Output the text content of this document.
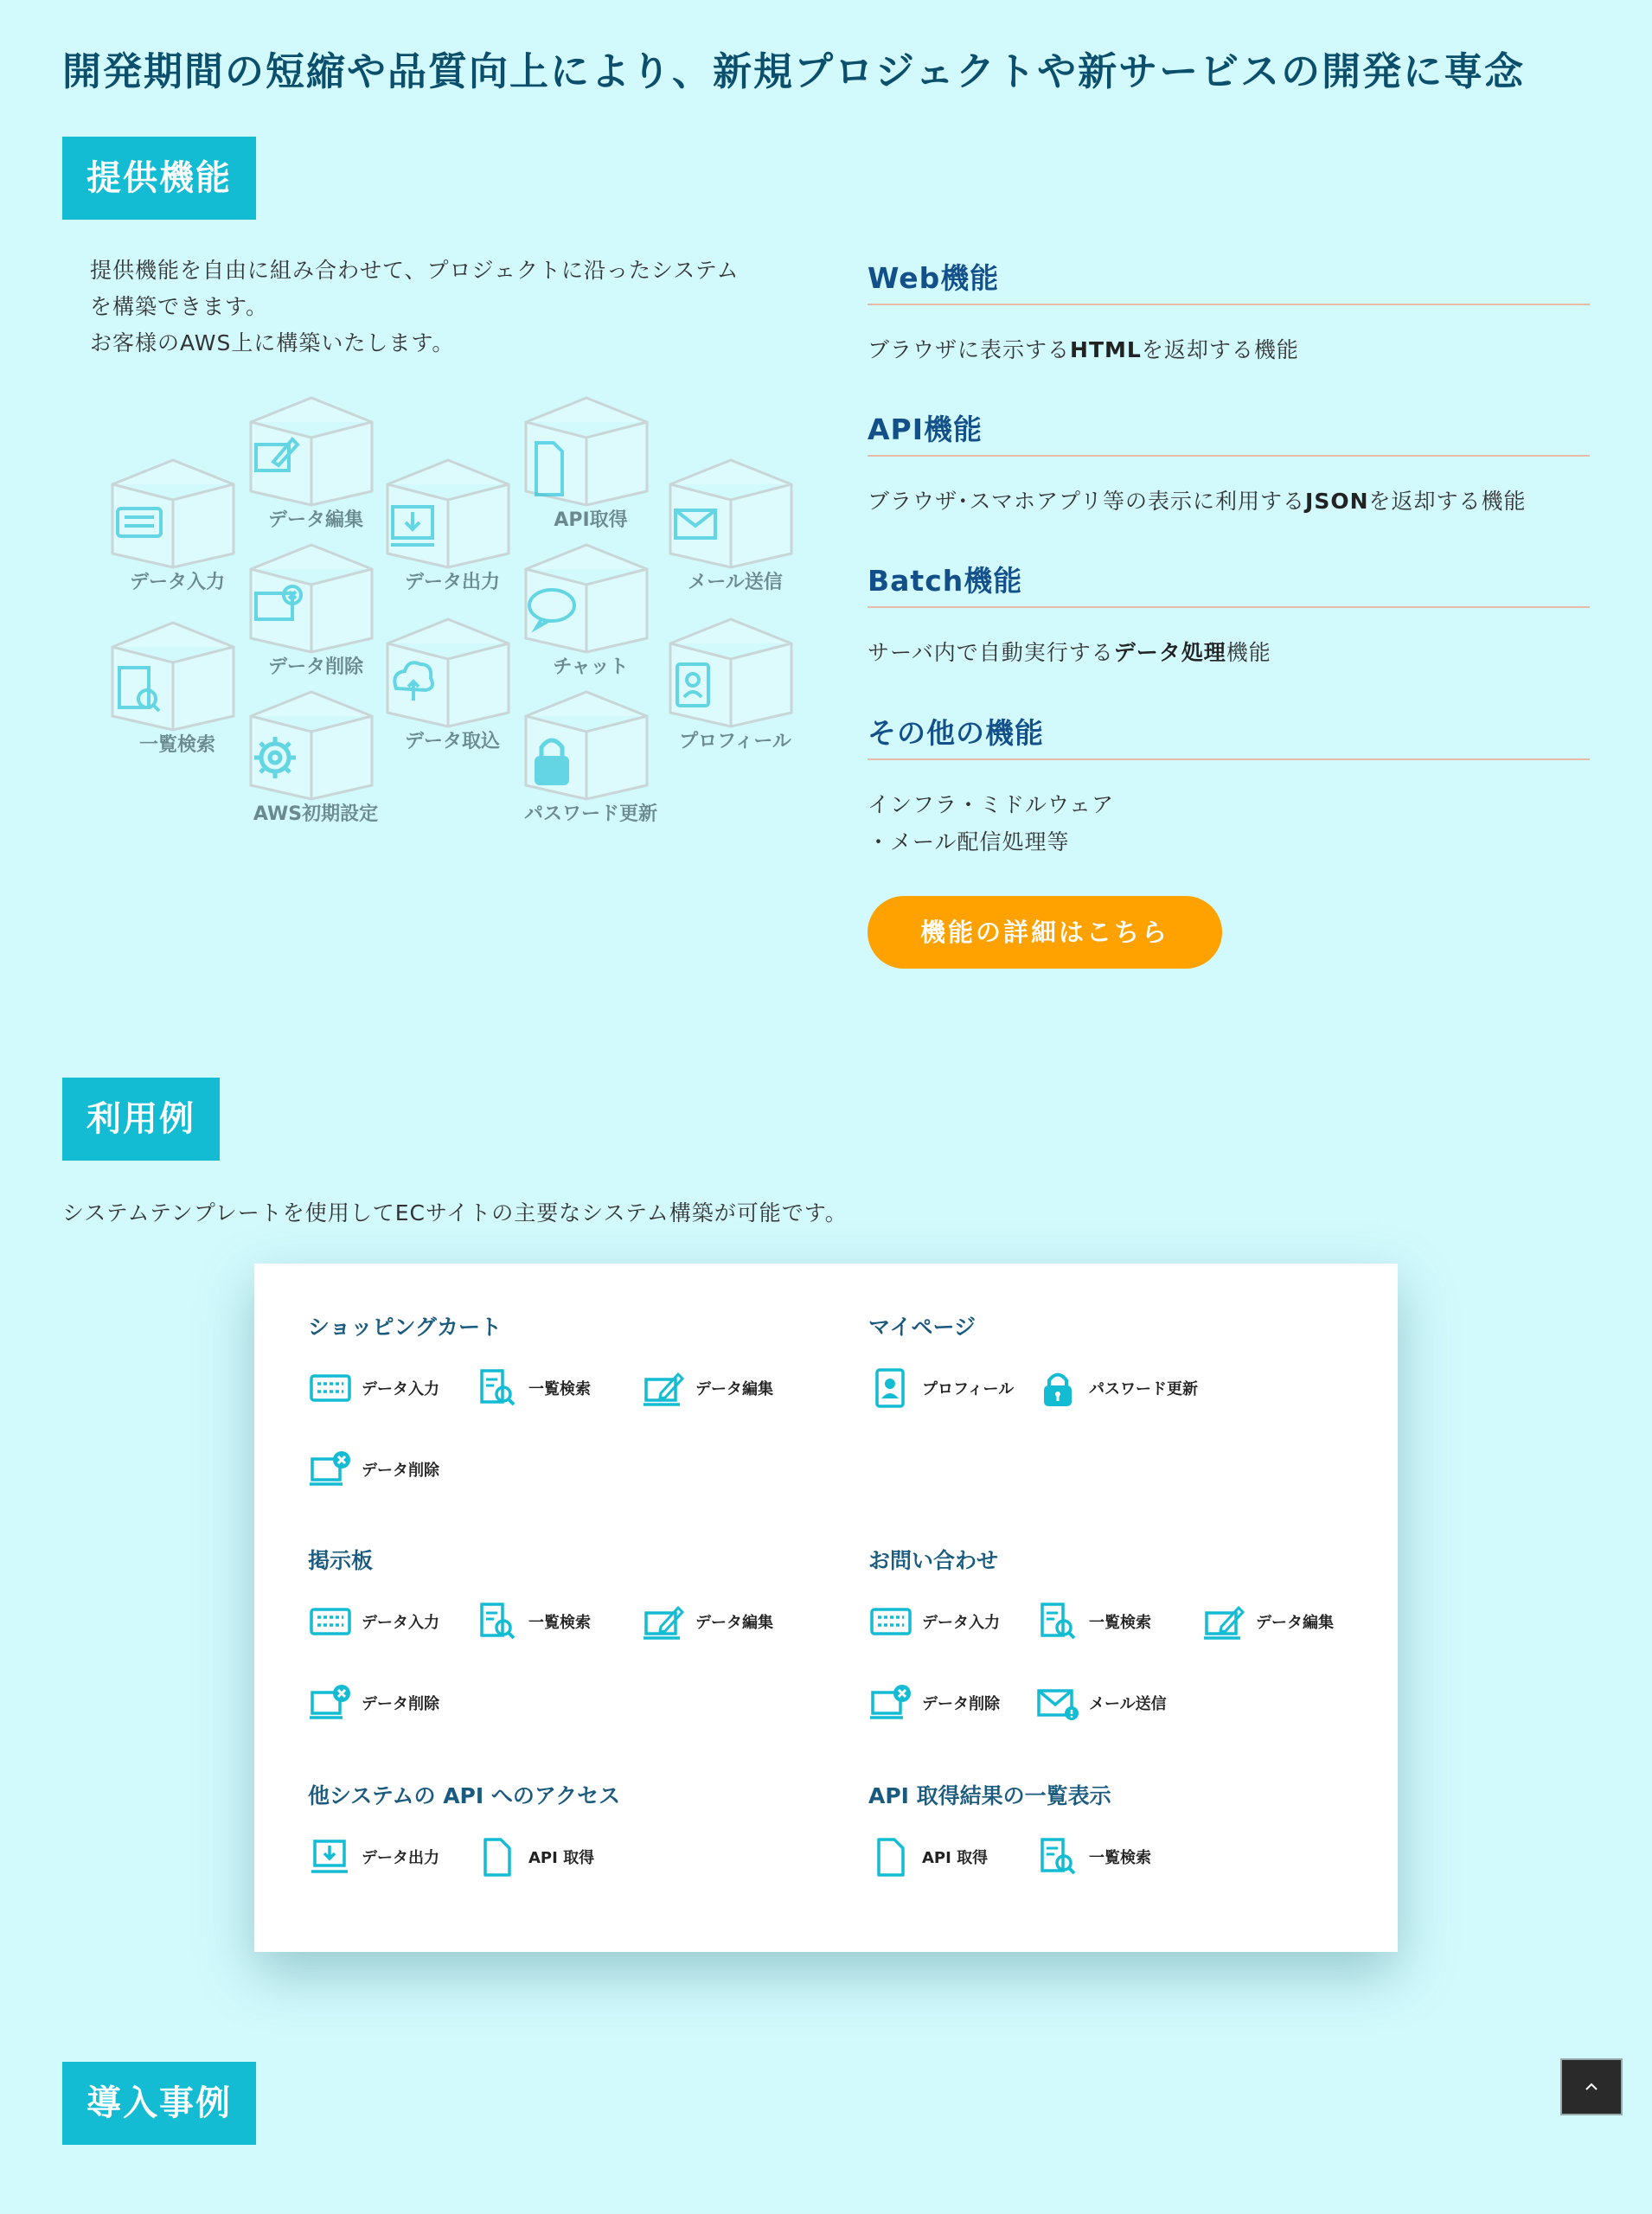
開発期間の短縮や品質向上により、新規プロジェクトや新サービスの開発に専念
提供機能

提供機能を自由に組み合わせて、プロジェクトに沿ったシステム

を構築できます。

お客様のAWS上に構築いたします。

データ編集	API取得
データ入力	データ出力	メール送信
データ削除	チャット
一覧検索	データ取込	プロフィール
AWS初期設定	パスワード更新
Web機能
ブラウザに表示するHTMLを返却する機能
API機能
ブラウザ･スマホアプリ等の表示に利用するJSONを返却する機能
Batch機能
サーバ内で自動実行するデータ処理機能
その他の機能

インフラ・ミドルウェア

・メール配信処理等

機能の詳細はこちら
利用例
システムテンプレートを使用してECサイトの主要なシステム構築が可能です。
ショッピングカート
データ入力	一覧検索	データ編集
データ削除
マイページ
プロフィール	パスワード更新
掲示板
データ入力	一覧検索	データ編集
データ削除
お問い合わせ
データ入力	一覧検索	データ編集
データ削除	メール送信
他システムの API へのアクセス
データ出力	API 取得
API 取得結果の一覧表示
API 取得	一覧検索
導入事例
